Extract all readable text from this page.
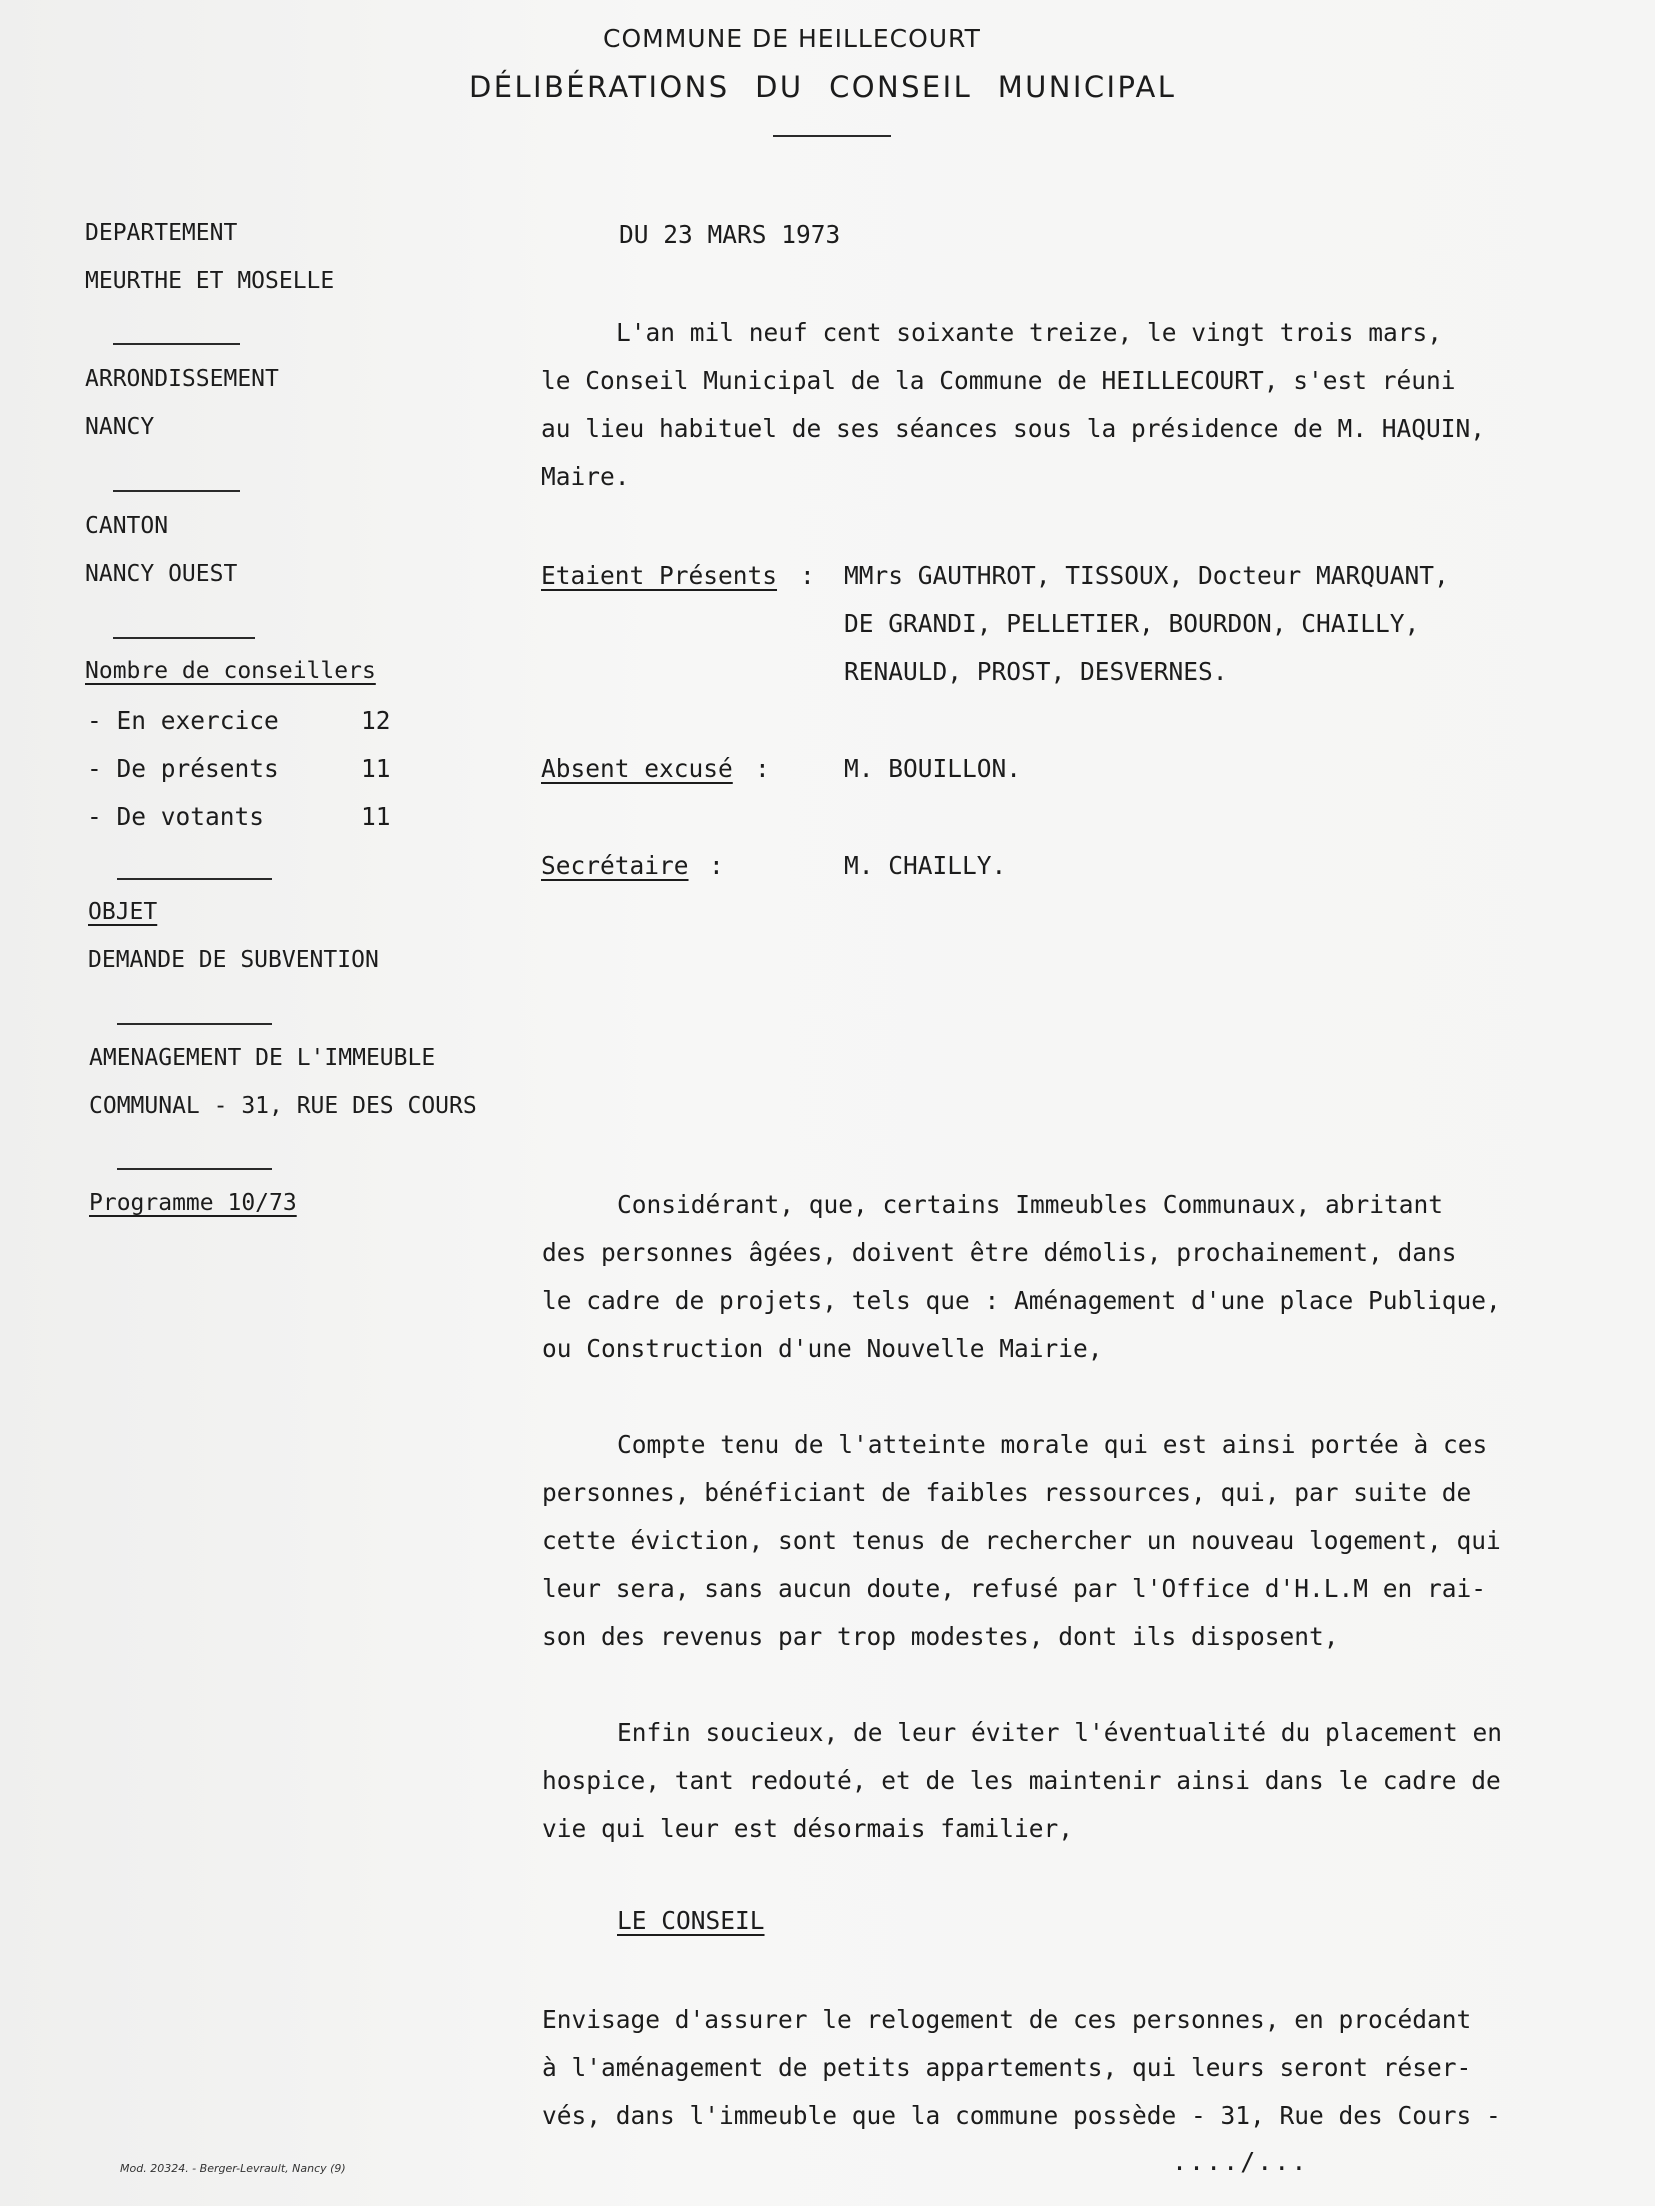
COMMUNE DE HEILLECOURT
DÉLIBÉRATIONS DU CONSEIL MUNICIPAL
DEPARTEMENT
MEURTHE ET MOSELLE
ARRONDISSEMENT
NANCY
CANTON
NANCY OUEST
Nombre de conseillers
- En exercice	12
- De présents	11
- De votants	11
OBJET
DEMANDE DE SUBVENTION
AMENAGEMENT DE L'IMMEUBLE
COMMUNAL - 31, RUE DES COURS
Programme 10/73
DU 23 MARS 1973
L'an mil neuf cent soixante treize, le vingt trois mars,
le Conseil Municipal de la Commune de HEILLECOURT, s'est réuni
au lieu habituel de ses séances sous la présidence de M. HAQUIN,
Maire.
Etaient Présents : MMrs GAUTHROT, TISSOUX, Docteur MARQUANT,
DE GRANDI, PELLETIER, BOURDON, CHAILLY,
RENAULD, PROST, DESVERNES.
Absent excusé :	M. BOUILLON.
Secrétaire :	M. CHAILLY.
Considérant, que, certains Immeubles Communaux, abritant
des personnes âgées, doivent être démolis, prochainement, dans
le cadre de projets, tels que : Aménagement d'une place Publique,
ou Construction d'une Nouvelle Mairie,
Compte tenu de l'atteinte morale qui est ainsi portée à ces
personnes, bénéficiant de faibles ressources, qui, par suite de
cette éviction, sont tenus de rechercher un nouveau logement, qui
leur sera, sans aucun doute, refusé par l'Office d'H.L.M en rai-
son des revenus par trop modestes, dont ils disposent,
Enfin soucieux, de leur éviter l'éventualité du placement en
hospice, tant redouté, et de les maintenir ainsi dans le cadre de
vie qui leur est désormais familier,
LE CONSEIL
Envisage d'assurer le relogement de ces personnes, en procédant
à l'aménagement de petits appartements, qui leurs seront réser-
vés, dans l'immeuble que la commune possède - 31, Rue des Cours -
Mod. 20324. - Berger-Levrault, Nancy (9)	..../...
